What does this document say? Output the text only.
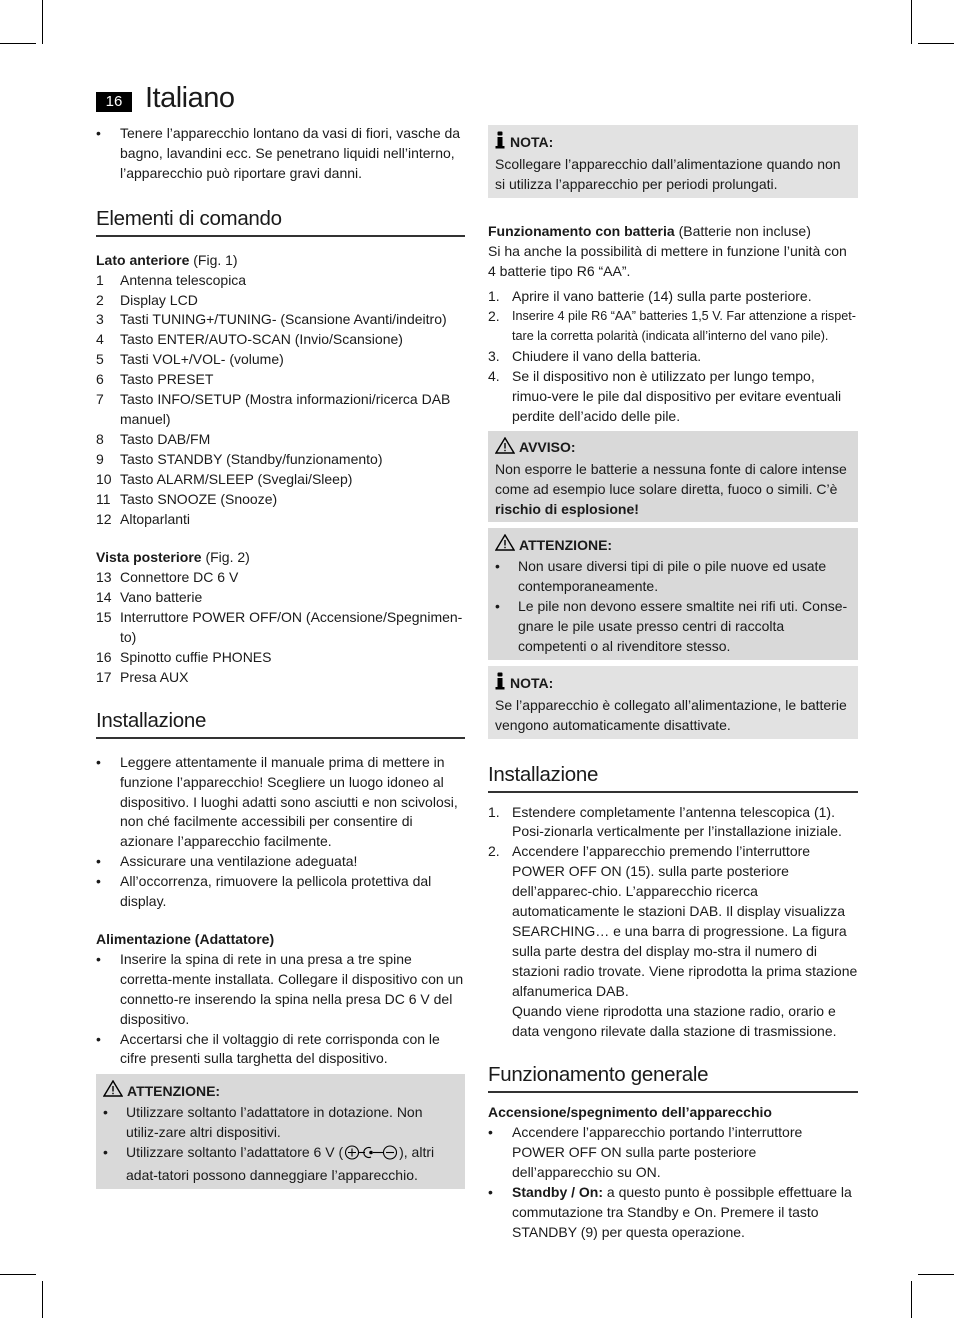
16 Italiano
• Tenere l’apparecchio lontano da vasi di fiori, vasche da bagno, lavandini ecc. Se penetrano liquidi nell’interno, l’apparecchio può riportare gravi danni.
Elementi di comando

Lato anteriore (Fig. 1)

1 Antenna telescopica
2 Display LCD
3 Tasti TUNING+/TUNING- (Scansione Avanti/indeitro)
4 Tasto ENTER/AUTO-SCAN (Invio/Scansione)
5 Tasti VOL+/VOL- (volume)
6 Tasto PRESET
7 Tasto INFO/SETUP (Mostra informazioni/ricerca DAB manuel)
8 Tasto DAB/FM
9 Tasto STANDBY (Standby/funzionamento)
10 Tasto ALARM/SLEEP (Sveglai/Sleep)
11 Tasto SNOOZE (Snooze)
12 Altoparlanti

Vista posteriore (Fig. 2)

13 Connettore DC 6 V
14 Vano batterie
15 Interruttore POWER OFF/ON (Accensione/Spegnimen-to)
16 Spinotto cuffie PHONES
17 Presa AUX
Installazione
• Leggere attentamente il manuale prima di mettere in funzione l’apparecchio! Scegliere un luogo idoneo al dispositivo. I luoghi adatti sono asciutti e non scivolosi, non ché facilmente accessibili per consentire di azionare l’apparecchio facilmente.
• Assicurare una ventilazione adeguata!
• All’occorrenza, rimuovere la pellicola protettiva dal display.

Alimentazione (Adattatore)

• Inserire la spina di rete in una presa a tre spine corretta-mente installata. Collegare il dispositivo con un connetto-re inserendo la spina nella presa DC 6 V del dispositivo.
• Accertarsi che il voltaggio di rete corrisponda con le cifre presenti sulla targhetta del dispositivo.
ATTENZIONE:
• Utilizzare soltanto l’adattatore in dotazione. Non utiliz-zare altri dispositivi.
• Utilizzare soltanto l’adattatore 6 V (	), altri adat-tatori possono danneggiare l’apparecchio.
NOTA:

Scollegare l’apparecchio dall’alimentazione quando non si utilizza l’apparecchio per periodi prolungati.

Funzionamento con batteria (Batterie non incluse)

Si ha anche la possibilità di mettere in funzione l’unità con 4 batterie tipo R6 “AA”.

1. Aprire il vano batterie (14) sulla parte posteriore.
2. Inserire 4 pile R6 “AA” batteries 1,5 V. Far attenzione a rispet-tare la corretta polarità (indicata all’interno del vano pile).
3. Chiudere il vano della batteria.
4. Se il dispositivo non è utilizzato per lungo tempo, rimuo-vere le pile dal dispositivo per evitare eventuali perdite dell’acido delle pile.
AVVISO:

Non esporre le batterie a nessuna fonte di calore intense come ad esempio luce solare diretta, fuoco o simili. C’è rischio di esplosione!

ATTENZIONE:
• Non usare diversi tipi di pile o pile nuove ed usate contemporaneamente.
• Le pile non devono essere smaltite nei rifi uti. Conse-gnare le pile usate presso centri di raccolta competenti o al rivenditore stesso.
NOTA:

Se l’apparecchio è collegato all’alimentazione, le batterie vengono automaticamente disattivate.

Installazione
1. Estendere completamente l’antenna telescopica (1). Posi-zionarla verticalmente per l’installazione iniziale.
2. Accendere l’apparecchio premendo l’interruttore POWER OFF ON (15). sulla parte posteriore dell’apparec-chio. L’apparecchio ricerca automaticamente le stazioni DAB. Il display visualizza SEARCHING… e una barra di progressione. La figura sulla parte destra del display mo-stra il numero di stazioni radio trovate. Viene riprodotta la prima stazione alfanumerica DAB.
Quando viene riprodotta una stazione radio, orario e data vengono rilevate dalla stazione di trasmissione.
Funzionamento generale

Accensione/spegnimento dell’apparecchio

• Accendere l’apparecchio portando l’interruttore POWER OFF ON sulla parte posteriore dell’apparecchio su ON.
• Standby / On: a questo punto è possibple effettuare la commutazione tra Standby e On. Premere il tasto STANDBY (9) per questa operazione.
